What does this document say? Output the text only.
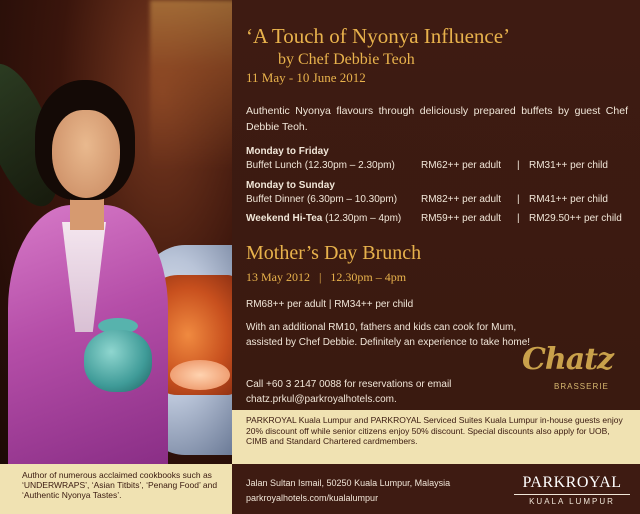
‘A Touch of Nyonya Influence’
by Chef Debbie Teoh
11 May - 10 June 2012
Authentic Nyonya flavours through deliciously prepared buffets by guest Chef Debbie Teoh.
Monday to Friday
Buffet Lunch (12.30pm – 2.30pm)	RM62++ per adult | RM31++ per child
Monday to Sunday
Buffet Dinner (6.30pm – 10.30pm) RM82++ per adult | RM41++ per child
Weekend Hi-Tea (12.30pm – 4pm) RM59++ per adult | RM29.50++ per child
Mother’s Day Brunch
13 May 2012 | 12.30pm – 4pm
RM68++ per adult | RM34++ per child
With an additional RM10, fathers and kids can cook for Mum, assisted by Chef Debbie. Definitely an experience to take home!
Call +60 3 2147 0088 for reservations or email
chatz.prkul@parkroyalhotels.com.
Chatz
BRASSERIE
PARKROYAL Kuala Lumpur and PARKROYAL Serviced Suites Kuala Lumpur in-house guests enjoy 20% discount off while senior citizens enjoy 50% discount. Special discounts also apply for UOB, CIMB and Standard Chartered cardmembers.
Author of numerous acclaimed cookbooks such as ‘UNDERWRAPS’, ‘Asian Titbits’, ‘Penang Food’ and ‘Authentic Nyonya Tastes’.
Jalan Sultan Ismail, 50250 Kuala Lumpur, Malaysia
parkroyalhotels.com/kualalumpur
PARKROYAL
KUALA LUMPUR
